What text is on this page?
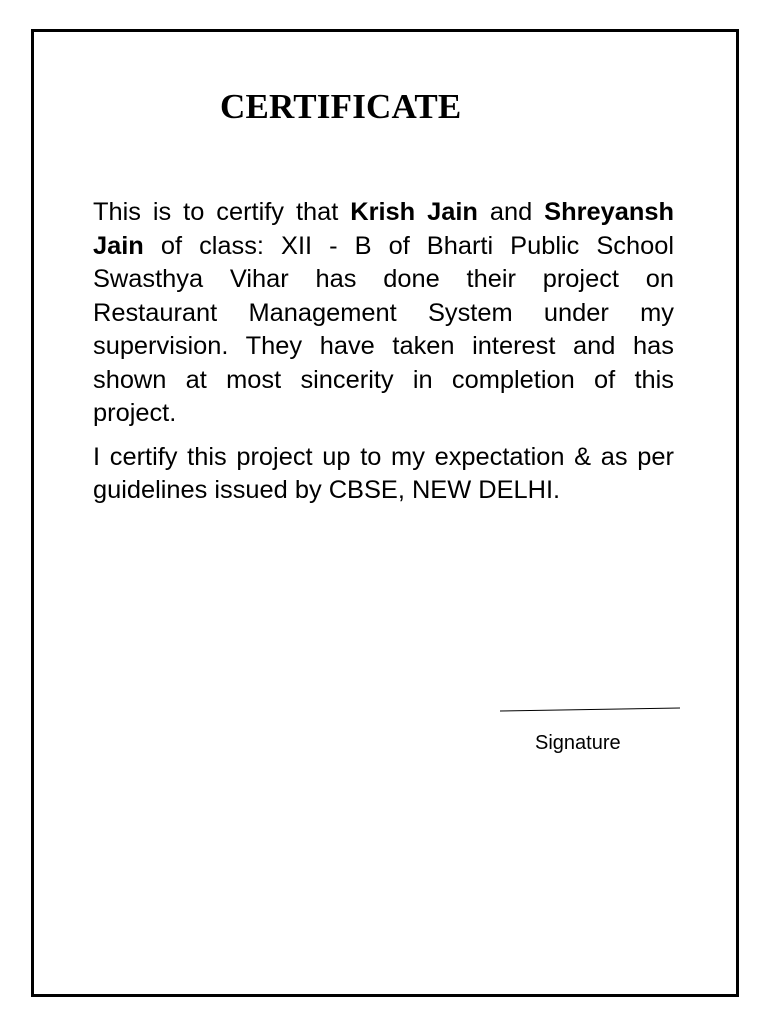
CERTIFICATE

This is to certify that Krish Jain and Shreyansh Jain of class: XII - B of Bharti Public School Swasthya Vihar has done their project on Restaurant Management System under my supervision. They have taken interest and has shown at most sincerity in completion of this project.

I certify this project up to my expectation & as per guidelines issued by CBSE, NEW DELHI.

Signature
